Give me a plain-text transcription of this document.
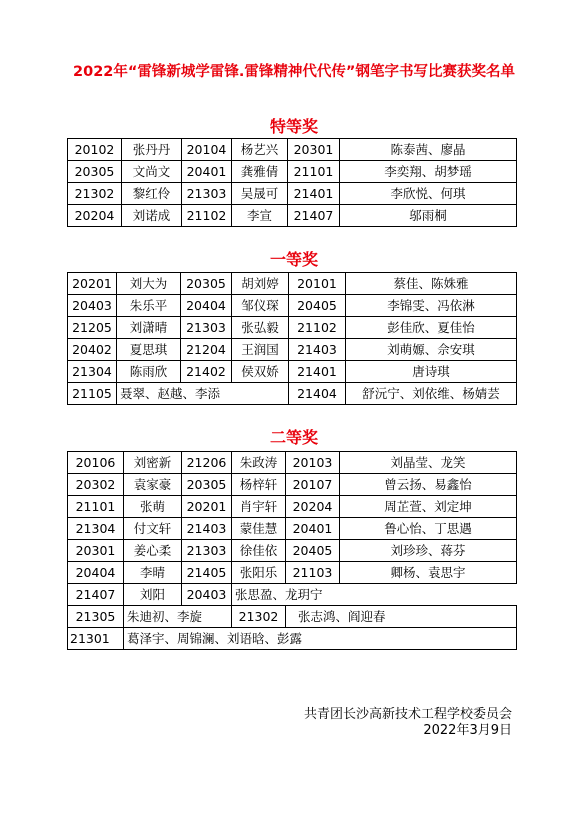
2022年“雷锋新城学雷锋.雷锋精神代代传”钢笔字书写比赛获奖名单
特等奖
20102	张丹丹	20104	杨艺兴	20301	陈泰茜、廖晶
20305	文尚文	20401	龚雅倩	21101	李奕翔、胡梦瑶
21302	黎红伶	21303	吴晟可	21401	李欣悦、何琪
20204	刘诺成	21102	李宣	21407	邬雨桐
一等奖
20201	刘大为	20305	胡刘婷	20101	蔡佳、陈姝雅
20403	朱乐平	20404	邹仪琛	20405	李锦雯、冯依淋
21205	刘潇晴	21303	张弘毅	21102	彭佳欣、夏佳怡
20402	夏思琪	21204	王润国	21403	刘萌嫄、佘安琪
21304	陈雨欣	21402	侯双娇	21401	唐诗琪
21105	聂翠、赵越、李添			21404	舒沅宁、刘依维、杨婧芸
二等奖
20106	刘密新	21206	朱政涛	20103	刘晶莹、龙笑
20302	袁家豪	20305	杨梓轩	20107	曾云扬、易鑫怡
21101	张萌	20201	肖宇轩	20204	周芷萱、刘定坤
21304	付文轩	21403	蒙佳慧	20401	鲁心怡、丁思遇
20301	姜心柔	21303	徐佳依	20405	刘珍珍、蒋芬
20404	李晴	21405	张阳乐	21103	卿杨、袁思宇
21407	刘阳	20403	张思盈、龙玥宁		
21305	朱迪初、李旋		21302	张志鸿、阎迎春	
21301	葛泽宇、周锦澜、刘语晗、彭露				
共青团长沙高新技术工程学校委员会
2022年3月9日
